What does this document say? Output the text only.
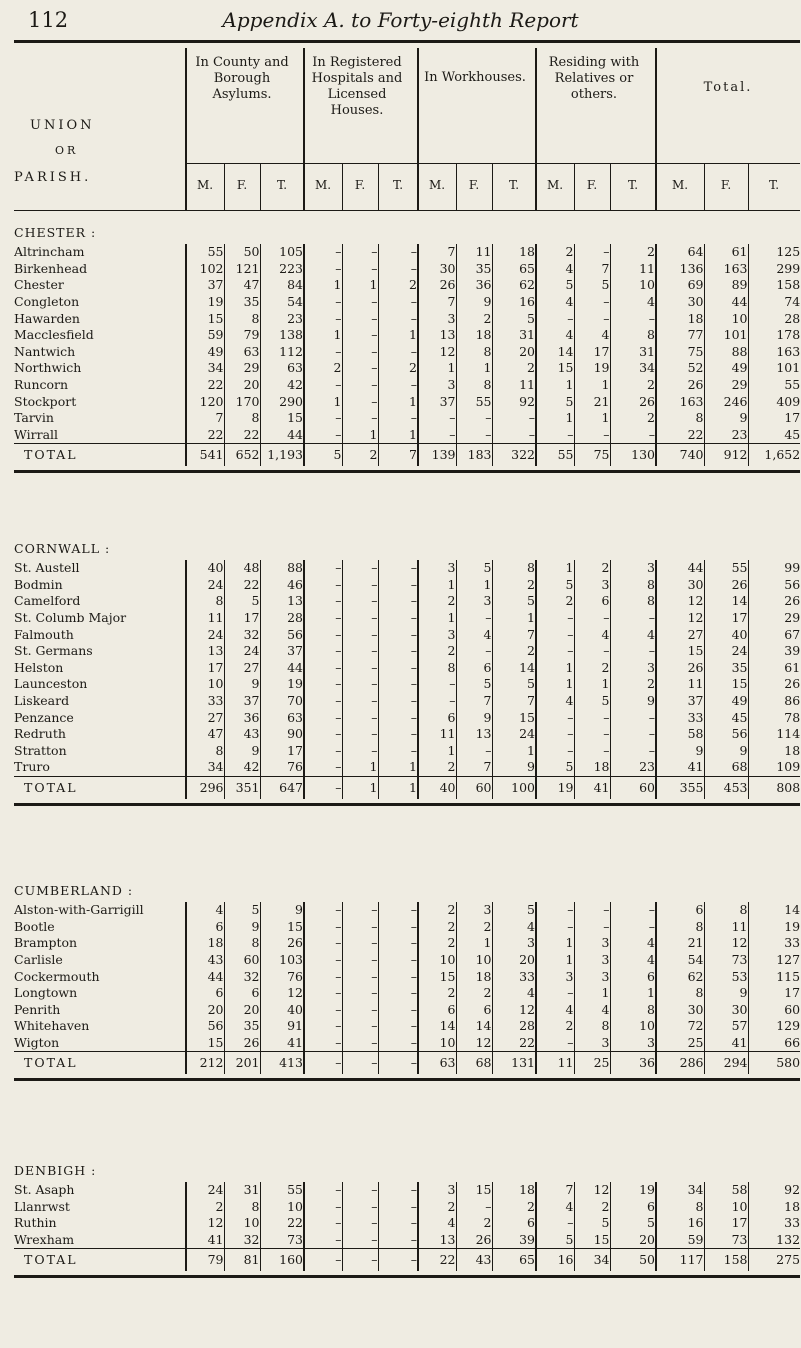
112	Appendix A. to Forty-eighth Report
UNION
OR
PARISH.
In County and Borough Asylums.
In Registered Hospitals and Licensed Houses.
In Workhouses.
Residing with Relatives or others.	Total.
M.	F.	T.	M.	F.	T.	M.	F.	T.	M.	F.	T.	M.	F.	T.
CHESTER :															
Altrincham	55	50	105	–	–	–	7	11	18	2	–	2	64	61	125
Birkenhead	102	121	223	–	–	–	30	35	65	4	7	11	136	163	299
Chester	37	47	84	1	1	2	26	36	62	5	5	10	69	89	158
Congleton	19	35	54	–	–	–	7	9	16	4	–	4	30	44	74
Hawarden	15	8	23	–	–	–	3	2	5	–	–	–	18	10	28
Macclesfield	59	79	138	1	–	1	13	18	31	4	4	8	77	101	178
Nantwich	49	63	112	–	–	–	12	8	20	14	17	31	75	88	163
Northwich	34	29	63	2	–	2	1	1	2	15	19	34	52	49	101
Runcorn	22	20	42	–	–	–	3	8	11	1	1	2	26	29	55
Stockport	120	170	290	1	–	1	37	55	92	5	21	26	163	246	409
Tarvin	7	8	15	–	–	–	–	–	–	1	1	2	8	9	17
Wirrall	22	22	44	–	1	1	–	–	–	–	–	–	22	23	45
TOTAL	541	652	1,193	5	2	7	139	183	322	55	75	130	740	912	1,652
CORNWALL :															
St. Austell	40	48	88	–	–	–	3	5	8	1	2	3	44	55	99
Bodmin	24	22	46	–	–	–	1	1	2	5	3	8	30	26	56
Camelford	8	5	13	–	–	–	2	3	5	2	6	8	12	14	26
St. Columb Major	11	17	28	–	–	–	1	–	1	–	–	–	12	17	29
Falmouth	24	32	56	–	–	–	3	4	7	–	4	4	27	40	67
St. Germans	13	24	37	–	–	–	2	–	2	–	–	–	15	24	39
Helston	17	27	44	–	–	–	8	6	14	1	2	3	26	35	61
Launceston	10	9	19	–	–	–	–	5	5	1	1	2	11	15	26
Liskeard	33	37	70	–	–	–	–	7	7	4	5	9	37	49	86
Penzance	27	36	63	–	–	–	6	9	15	–	–	–	33	45	78
Redruth	47	43	90	–	–	–	11	13	24	–	–	–	58	56	114
Stratton	8	9	17	–	–	–	1	–	1	–	–	–	9	9	18
Truro	34	42	76	–	1	1	2	7	9	5	18	23	41	68	109
TOTAL	296	351	647	–	1	1	40	60	100	19	41	60	355	453	808
CUMBERLAND :															
Alston-with-Garrigill	4	5	9	–	–	–	2	3	5	–	–	–	6	8	14
Bootle	6	9	15	–	–	–	2	2	4	–	–	–	8	11	19
Brampton	18	8	26	–	–	–	2	1	3	1	3	4	21	12	33
Carlisle	43	60	103	–	–	–	10	10	20	1	3	4	54	73	127
Cockermouth	44	32	76	–	–	–	15	18	33	3	3	6	62	53	115
Longtown	6	6	12	–	–	–	2	2	4	–	1	1	8	9	17
Penrith	20	20	40	–	–	–	6	6	12	4	4	8	30	30	60
Whitehaven	56	35	91	–	–	–	14	14	28	2	8	10	72	57	129
Wigton	15	26	41	–	–	–	10	12	22	–	3	3	25	41	66
TOTAL	212	201	413	–	–	–	63	68	131	11	25	36	286	294	580
DENBIGH :															
St. Asaph	24	31	55	–	–	–	3	15	18	7	12	19	34	58	92
Llanrwst	2	8	10	–	–	–	2	–	2	4	2	6	8	10	18
Ruthin	12	10	22	–	–	–	4	2	6	–	5	5	16	17	33
Wrexham	41	32	73	–	–	–	13	26	39	5	15	20	59	73	132
TOTAL	79	81	160	–	–	–	22	43	65	16	34	50	117	158	275
